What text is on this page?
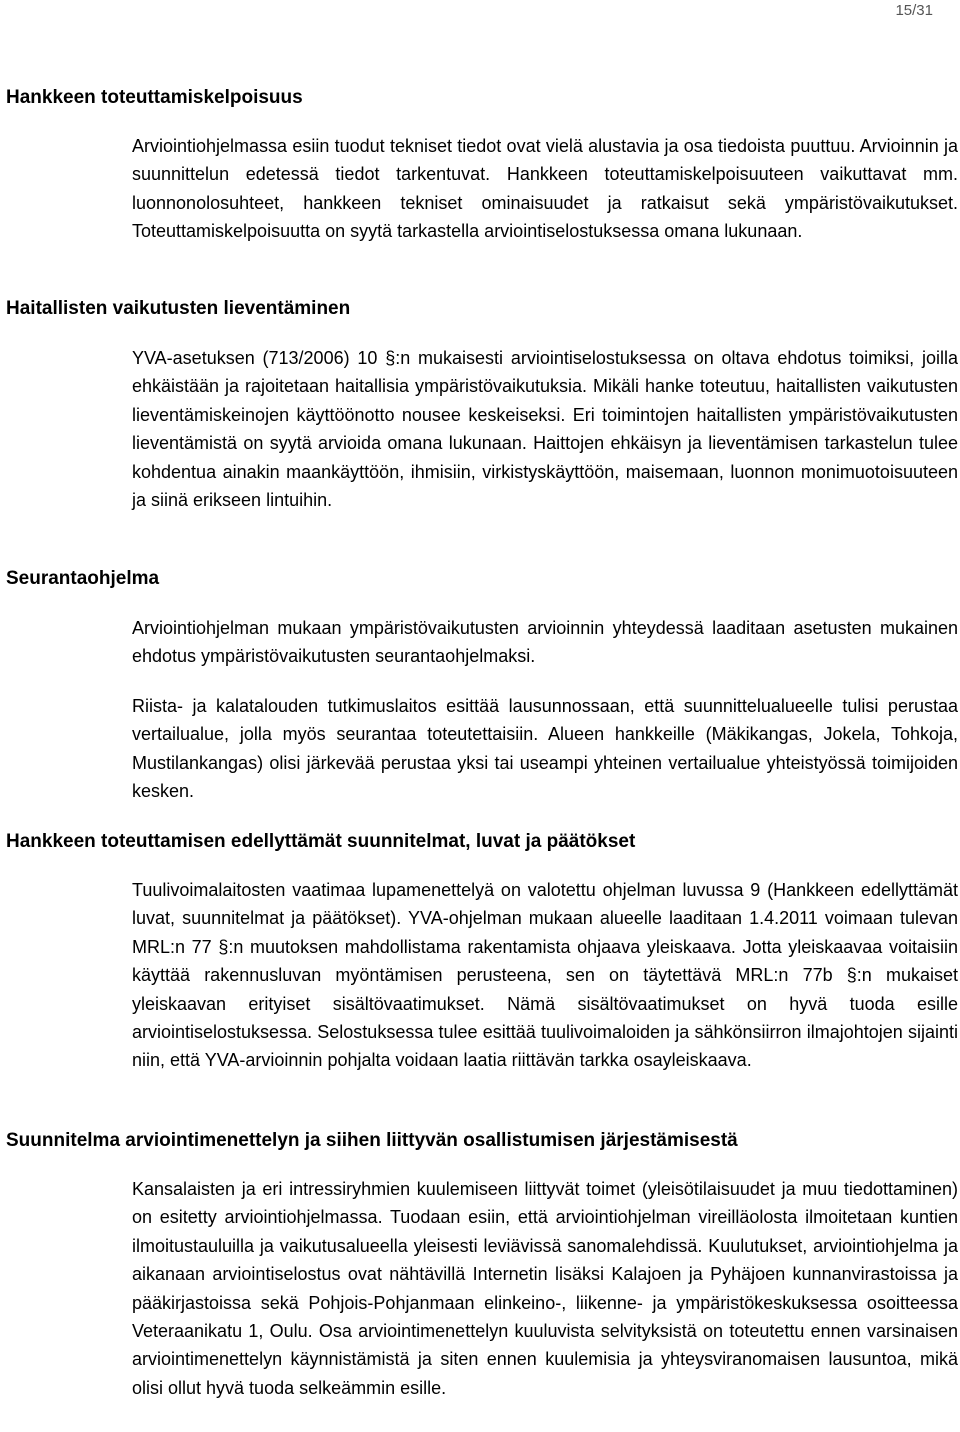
15/31
Hankkeen toteuttamiskelpoisuus

Arviointiohjelmassa esiin tuodut tekniset tiedot ovat vielä alustavia ja osa tiedoista puuttuu. Arvioinnin ja suunnittelun edetessä tiedot tarkentuvat. Hankkeen toteuttamiskelpoisuuteen vaikuttavat mm. luonnonolosuhteet, hankkeen tekniset ominaisuudet ja ratkaisut sekä ympäristövaikutukset. Toteuttamiskelpoisuutta on syytä tarkastella arviointiselostuksessa omana lukunaan.

Haitallisten vaikutusten lieventäminen

YVA-asetuksen (713/2006) 10 §:n mukaisesti arviointiselostuksessa on oltava ehdotus toimiksi, joilla ehkäistään ja rajoitetaan haitallisia ympäristövaikutuksia. Mikäli hanke toteutuu, haitallisten vaikutusten lieventämiskeinojen käyttöönotto nousee keskeiseksi. Eri toimintojen haitallisten ympäristövaikutusten lieventämistä on syytä arvioida omana lukunaan. Haittojen ehkäisyn ja lieventämisen tarkastelun tulee kohdentua ainakin maankäyttöön, ihmisiin, virkistyskäyttöön, maisemaan, luonnon monimuotoisuuteen ja siinä erikseen lintuihin.

Seurantaohjelma

Arviointiohjelman mukaan ympäristövaikutusten arvioinnin yhteydessä laaditaan asetusten mukainen ehdotus ympäristövaikutusten seurantaohjelmaksi.

Riista- ja kalatalouden tutkimuslaitos esittää lausunnossaan, että suunnittelualueelle tulisi perustaa vertailualue, jolla myös seurantaa toteutettaisiin. Alueen hankkeille (Mäkikangas, Jokela, Tohkoja, Mustilankangas) olisi järkevää perustaa yksi tai useampi yhteinen vertailualue yhteistyössä toimijoiden kesken.

Hankkeen toteuttamisen edellyttämät suunnitelmat, luvat ja päätökset

Tuulivoimalaitosten vaatimaa lupamenettelyä on valotettu ohjelman luvussa 9 (Hankkeen edellyttämät luvat, suunnitelmat ja päätökset). YVA-ohjelman mukaan alueelle laaditaan 1.4.2011 voimaan tulevan MRL:n 77 §:n muutoksen mahdollistama rakentamista ohjaava yleiskaava. Jotta yleiskaavaa voitaisiin käyttää rakennusluvan myöntämisen perusteena, sen on täytettävä MRL:n 77b §:n mukaiset yleiskaavan erityiset sisältövaatimukset. Nämä sisältövaatimukset on hyvä tuoda esille arviointiselostuksessa. Selostuksessa tulee esittää tuulivoimaloiden ja sähkönsiirron ilmajohtojen sijainti niin, että YVA-arvioinnin pohjalta voidaan laatia riittävän tarkka osayleiskaava.

Suunnitelma arviointimenettelyn ja siihen liittyvän osallistumisen järjestämisestä

Kansalaisten ja eri intressiryhmien kuulemiseen liittyvät toimet (yleisötilaisuudet ja muu tiedottaminen) on esitetty arviointiohjelmassa. Tuodaan esiin, että arviointiohjelman vireilläolosta ilmoitetaan kuntien ilmoitustauluilla ja vaikutusalueella yleisesti leviävissä sanomalehdissä. Kuulutukset, arviointiohjelma ja aikanaan arviointiselostus ovat nähtävillä Internetin lisäksi Kalajoen ja Pyhäjoen kunnanvirastoissa ja pääkirjastoissa sekä Pohjois-Pohjanmaan elinkeino-, liikenne- ja ympäristökeskuksessa osoitteessa Veteraanikatu 1, Oulu. Osa arviointimenettelyn kuuluvista selvityksistä on toteutettu ennen varsinaisen arviointimenettelyn käynnistämistä ja siten ennen kuulemisia ja yhteysviranomaisen lausuntoa, mikä olisi ollut hyvä tuoda selkeämmin esille.
